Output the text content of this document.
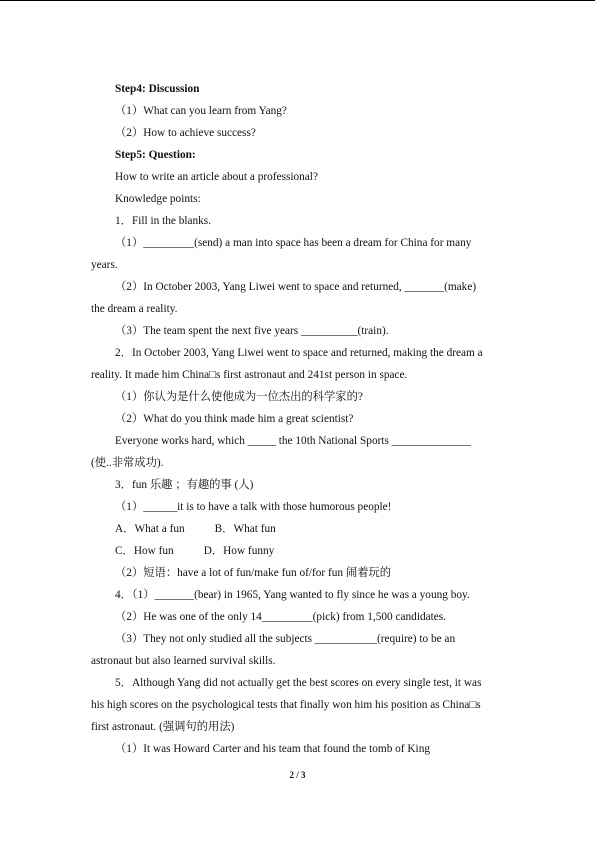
Step4: Discussion
（1）What can you learn from Yang?
（2）How to achieve success?
Step5: Question:
How to write an article about a professional?
Knowledge points:
1．Fill in the blanks.
（1）_________(send) a man into space has been a dream for China for many
years.
（2）In October 2003, Yang Liwei went to space and returned, _______(make)
the dream a reality.
（3）The team spent the next five years __________(train).
2．In October 2003, Yang Liwei went to space and returned, making the dream a
reality. It made him China□s first astronaut and 241st person in space.
（1）你认为是什么使他成为一位杰出的科学家的?
（2）What do you think made him a great scientist?
Everyone works hard, which _____ the 10th National Sports ______________
(使..非常成功).
3．fun 乐趣 ；有趣的事 (人)
（1）______it is to have a talk with those humorous people!
A．What a fun	B．What fun
C．How fun	D．How funny
（2）短语：have a lot of fun/make fun of/for fun 闹着玩的
4．（1）_______(bear) in 1965, Yang wanted to fly since he was a young boy.
（2）He was one of the only 14_________(pick) from 1,500 candidates.
（3）They not only studied all the subjects ___________(require) to be an
astronaut but also learned survival skills.
5．Although Yang did not actually get the best scores on every single test, it was
his high scores on the psychological tests that finally won him his position as China□s
first astronaut. (强调句的用法)
（1）It was Howard Carter and his team that found the tomb of King
2 / 3
